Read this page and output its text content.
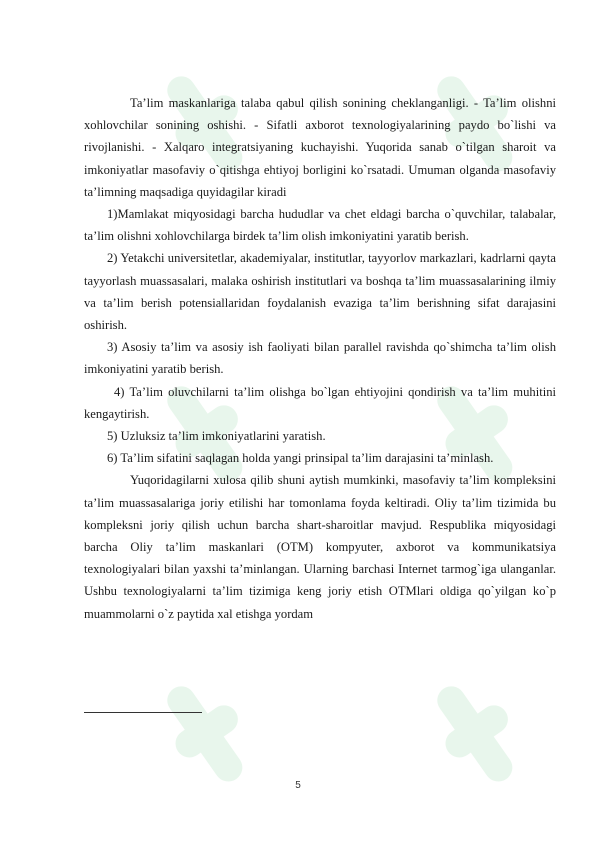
Ta’lim maskanlariga talaba qabul qilish sonining cheklanganligi. - Ta’lim olishni xohlovchilar sonining oshishi. - Sifatli axborot texnologiyalarining paydo bo`lishi va rivojlanishi. - Xalqaro integratsiyaning kuchayishi. Yuqorida sanab o`tilgan sharoit va imkoniyatlar masofaviy o`qitishga ehtiyoj borligini ko`rsatadi. Umuman olganda masofaviy ta’limning maqsadiga quyidagilar kiradi

1)Mamlakat miqyosidagi barcha hududlar va chet eldagi barcha o`quvchilar, talabalar, ta’lim olishni xohlovchilarga birdek ta’lim olish imkoniyatini yaratib berish.

2) Yetakchi universitetlar, akademiyalar, institutlar, tayyorlov markazlari, kadrlarni qayta tayyorlash muassasalari, malaka oshirish institutlari va boshqa ta’lim muassasalarining ilmiy va ta’lim berish potensiallaridan foydalanish evaziga ta’lim berishning sifat darajasini oshirish.

3) Asosiy ta’lim va asosiy ish faoliyati bilan parallel ravishda qo`shimcha ta’lim olish imkoniyatini yaratib berish.

4) Ta’lim oluvchilarni ta’lim olishga bo`lgan ehtiyojini qondirish va ta’lim muhitini kengaytirish.

5) Uzluksiz ta’lim imkoniyatlarini yaratish.

6) Ta’lim sifatini saqlagan holda yangi prinsipal ta’lim darajasini ta’minlash.

Yuqoridagilarni xulosa qilib shuni aytish mumkinki, masofaviy ta’lim kompleksini ta’lim muassasalariga joriy etilishi har tomonlama foyda keltiradi. Oliy ta’lim tizimida bu kompleksni joriy qilish uchun barcha shart-sharoitlar mavjud. Respublika miqyosidagi barcha Oliy ta’lim maskanlari (OTM) kompyuter, axborot va kommunikatsiya texnologiyalari bilan yaxshi ta’minlangan. Ularning barchasi Internet tarmog`iga ulanganlar. Ushbu texnologiyalarni ta’lim tizimiga keng joriy etish OTMlari oldiga qo`yilgan ko`p muammolarni o`z paytida xal etishga yordam

5
